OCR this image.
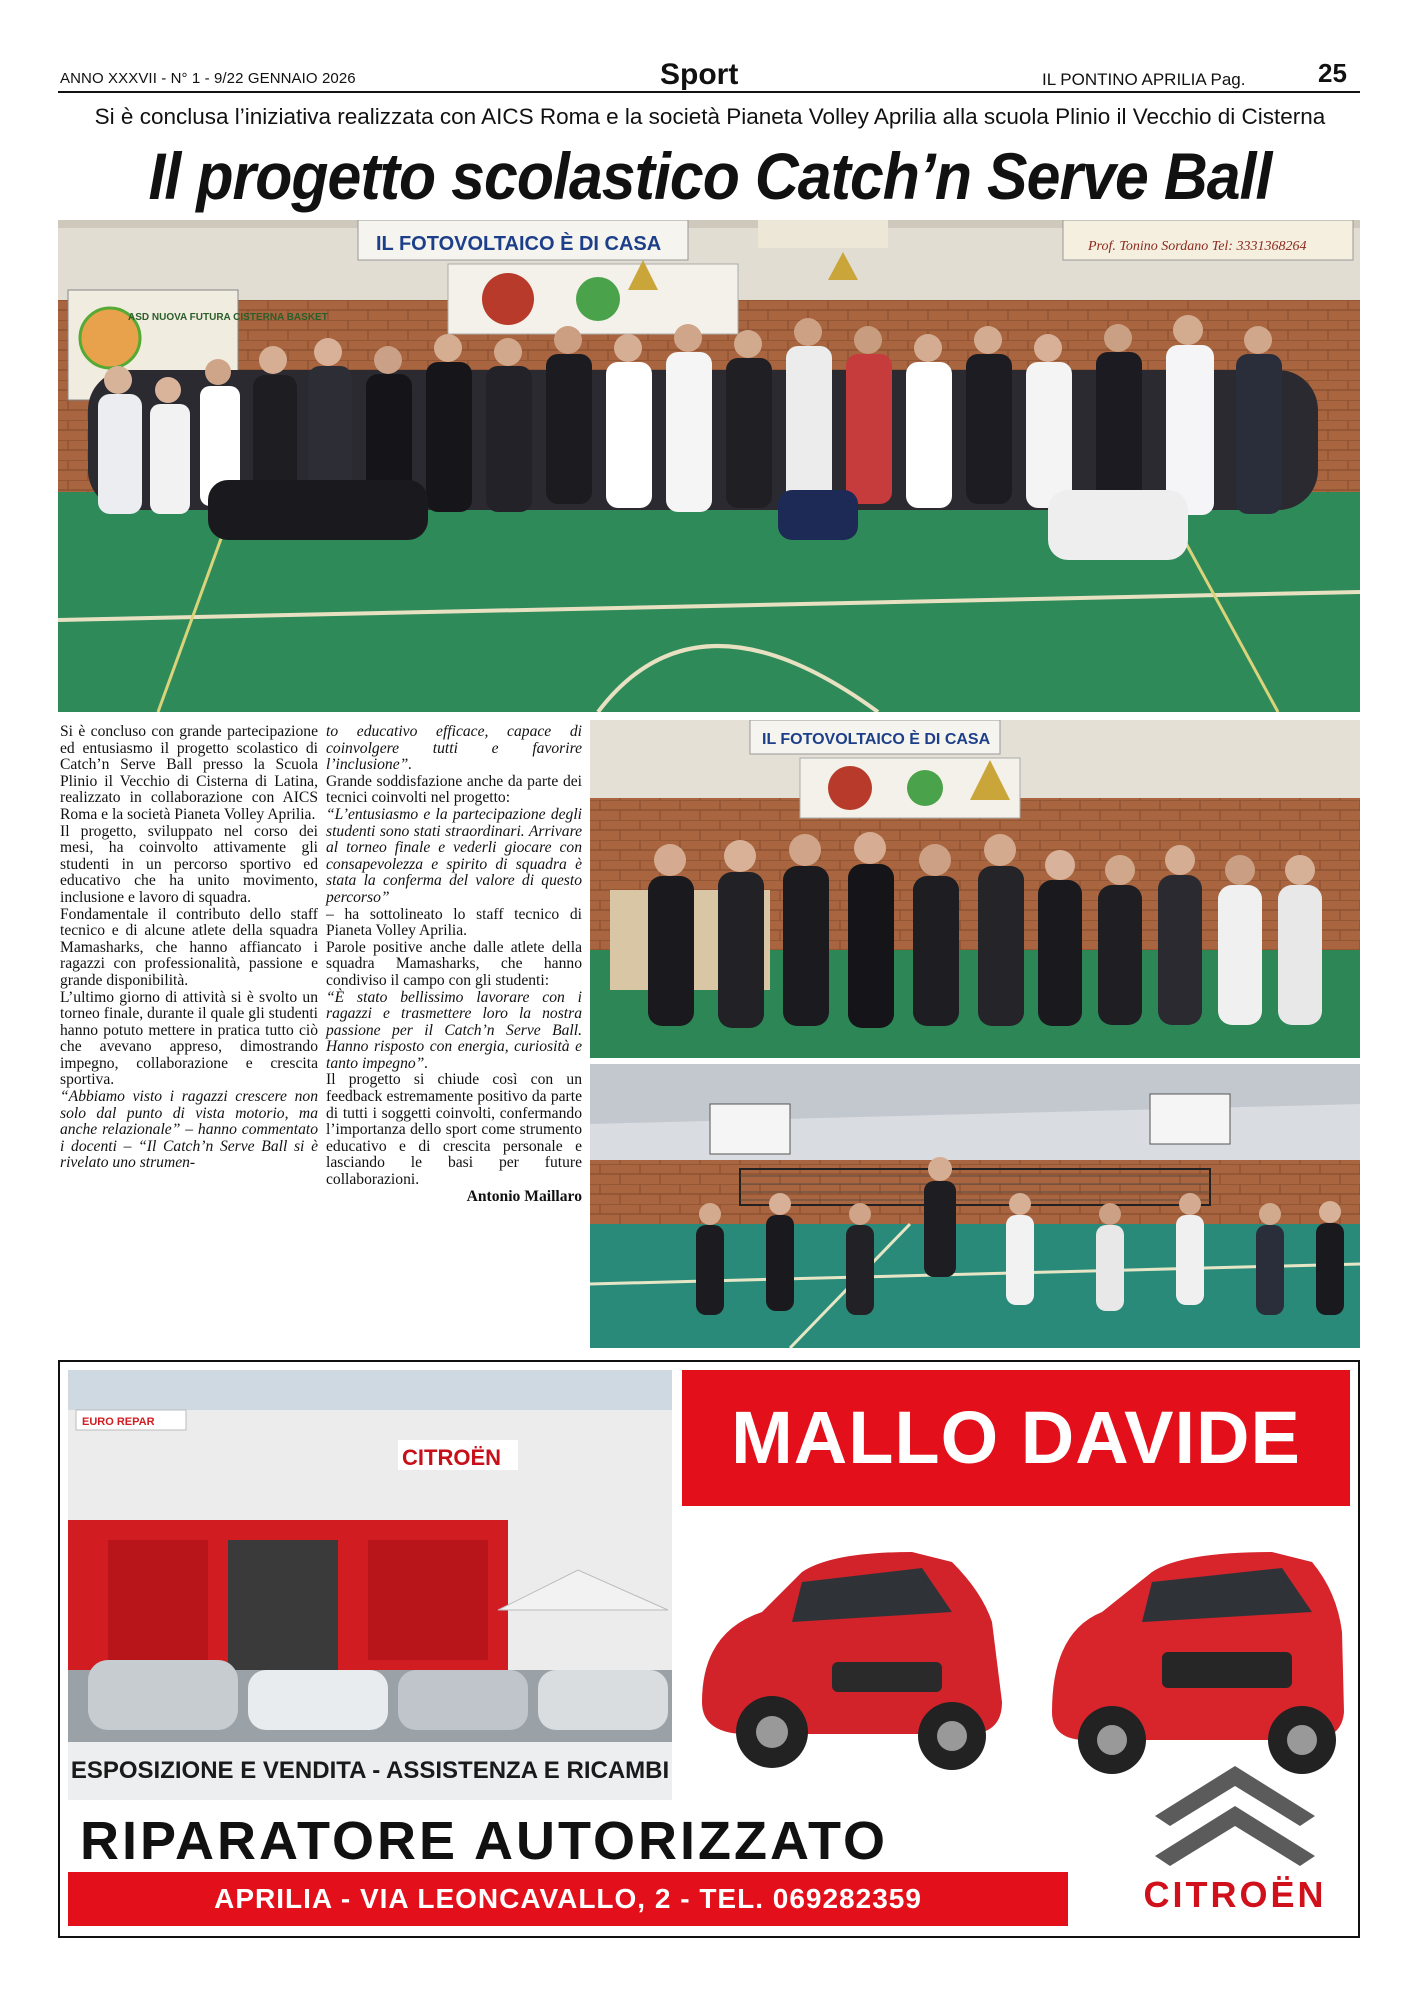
ANNO XXXVII - N° 1 - 9/22 GENNAIO 2026	Sport	IL PONTINO APRILIA Pag.	25
Si è conclusa l’iniziativa realizzata con AICS Roma e la società Pianeta Volley Aprilia alla scuola Plinio il Vecchio di Cisterna
Il progetto scolastico Catch’n Serve Ball
IL FOTOVOLTAICO È DI CASA	Prof. Tonino Sordano Tel: 3331368264
ASD NUOVA FUTURA CISTERNA BASKET

Si è concluso con grande partecipazione ed entusiasmo il progetto scolastico di Catch’n Serve Ball presso la Scuola Plinio il Vecchio di Cisterna di Latina, realizzato in collaborazione con AICS Roma e la società Pianeta Volley Aprilia.

Il progetto, sviluppato nel corso dei mesi, ha coinvolto attivamente gli studenti in un percorso sportivo ed educativo che ha unito movimento, inclusione e lavoro di squadra.

Fondamentale il contributo dello staff tecnico e di alcune atlete della squadra Mamasharks, che hanno affiancato i ragazzi con professionalità, passione e grande disponibilità.

L’ultimo giorno di attività si è svolto un torneo finale, durante il quale gli studenti hanno potuto mettere in pratica tutto ciò che avevano appreso, dimostrando impegno, collaborazione e crescita sportiva.

“Abbiamo visto i ragazzi crescere non solo dal punto di vista motorio, ma anche relazionale” – hanno commentato i docenti – “Il Catch’n Serve Ball si è rivelato uno strumen-

to educativo efficace, capace di coinvolgere tutti e favorire l’inclusione”.

Grande soddisfazione anche da parte dei tecnici coinvolti nel progetto:

“L’entusiasmo e la partecipazione degli studenti sono stati straordinari. Arrivare al torneo finale e vederli giocare con consapevolezza e spirito di squadra è stata la conferma del valore di questo percorso”

– ha sottolineato lo staff tecnico di Pianeta Volley Aprilia.

Parole positive anche dalle atlete della squadra Mamasharks, che hanno condiviso il campo con gli studenti:

“È stato bellissimo lavorare con i ragazzi e trasmettere loro la nostra passione per il Catch’n Serve Ball. Hanno risposto con energia, curiosità e tanto impegno”.

Il progetto si chiude così con un feedback estremamente positivo da parte di tutti i soggetti coinvolti, confermando l’importanza dello sport come strumento educativo e di crescita personale e lasciando le basi per future collaborazioni.

Antonio Maillaro

IL FOTOVOLTAICO È DI CASA
CITROËN
EURO REPAR
ESPOSIZIONE E VENDITA - ASSISTENZA E RICAMBI
MALLO DAVIDE
RIPARATORE AUTORIZZATO
APRILIA - VIA LEONCAVALLO, 2 - TEL. 069282359	CITROËN
